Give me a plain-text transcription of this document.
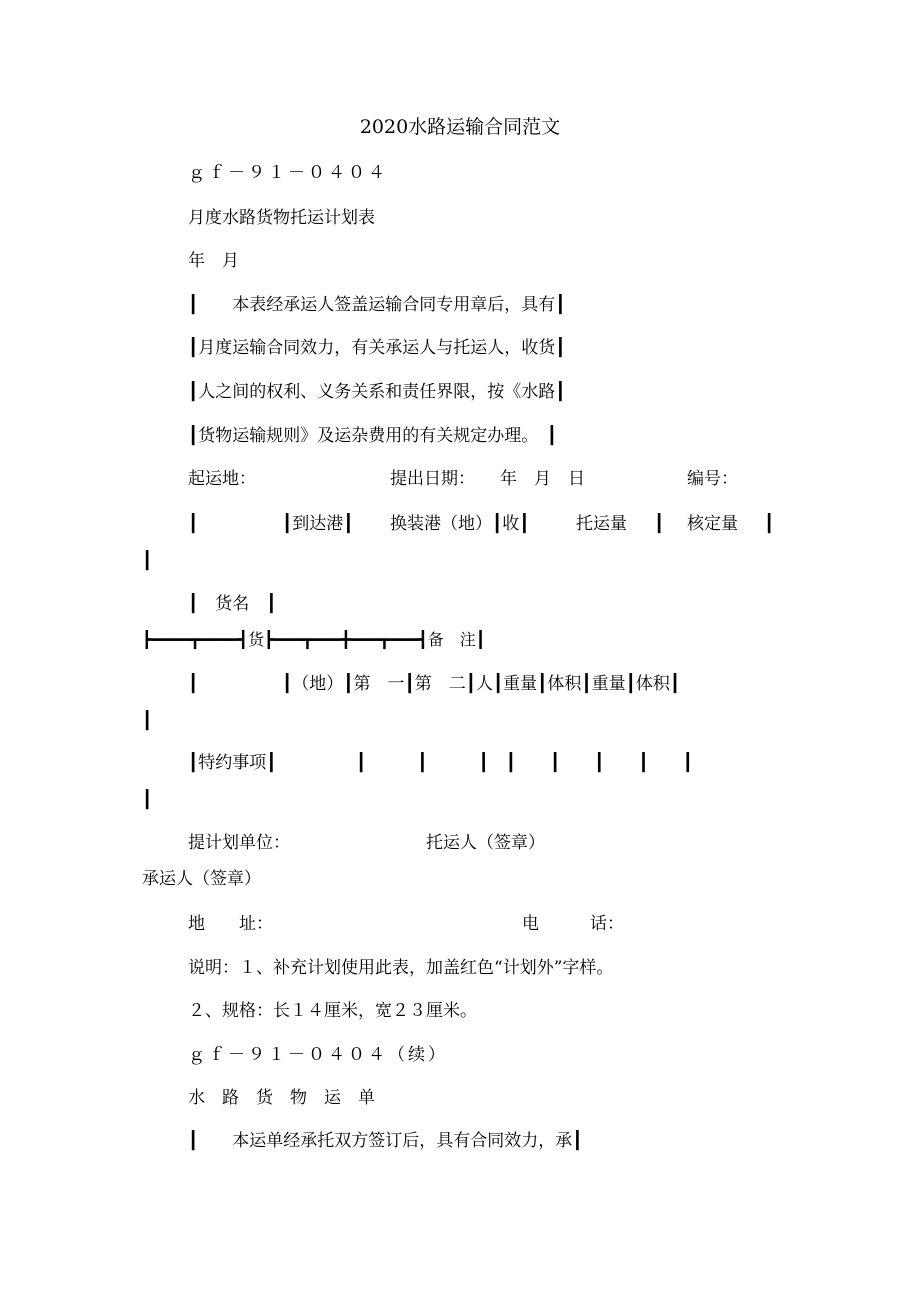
2020水路运输合同范文
ｇｆ－９１－０４０４
月度水路货物托运计划表
年　月
┃　　本表经承运人签盖运输合同专用章后，具有┃
┃月度运输合同效力，有关承运人与托运人，收货┃
┃人之间的权利、义务关系和责任界限，按《水路┃
┃货物运输规则》及运杂费用的有关规定办理。　┃
起运地：	提出日期： 年　月　日	编号：
┃	┃到达港┃ 换装港（地）┃收┃	托运量 ┃ 核定量 ┃
┃
┃　货名　┃
┣━━━━┳━━━━┫货┣━━━┳━━━╋━━━┳━━━┫备　注┃
┃	┃（地）┃第　一┃第　二┃人┃重量┃体积┃重量┃体积┃
┃
┃特约事项┃	┃　　　┃　　　┃　┃　　┃　　┃　　┃　　┃
┃
提计划单位：	托运人（签章）
承运人（签章）
地　　址：	电　　　话：
说明：１、补充计划使用此表，加盖红色“计划外”字样。
２、规格：长１４厘米，宽２３厘米。
ｇｆ－９１－０４０４（续）
水　路　货　物　运　单
┃　　本运单经承托双方签订后，具有合同效力，承┃
